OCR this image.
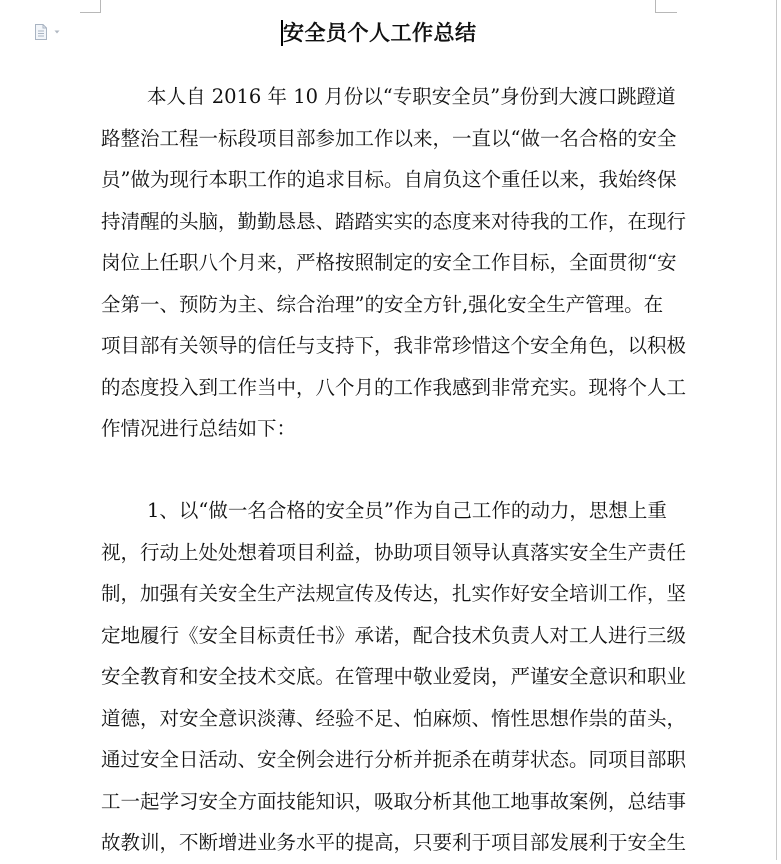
安全员个人工作总结
本人自 2016 年 10 月份以“专职安全员”身份到大渡口跳蹬道
路整治工程一标段项目部参加工作以来，一直以“做一名合格的安全
员”做为现行本职工作的追求目标。自肩负这个重任以来，我始终保
持清醒的头脑，勤勤恳恳、踏踏实实的态度来对待我的工作，在现行
岗位上任职八个月来，严格按照制定的安全工作目标，全面贯彻“安
全第一、预防为主、综合治理”的安全方针,强化安全生产管理。在
项目部有关领导的信任与支持下，我非常珍惜这个安全角色，以积极
的态度投入到工作当中，八个月的工作我感到非常充实。现将个人工
作情况进行总结如下：
1、以“做一名合格的安全员”作为自己工作的动力，思想上重
视，行动上处处想着项目利益，协助项目领导认真落实安全生产责任
制，加强有关安全生产法规宣传及传达，扎实作好安全培训工作，坚
定地履行《安全目标责任书》承诺，配合技术负责人对工人进行三级
安全教育和安全技术交底。在管理中敬业爱岗，严谨安全意识和职业
道德，对安全意识淡薄、经验不足、怕麻烦、惰性思想作祟的苗头，
通过安全日活动、安全例会进行分析并扼杀在萌芽状态。同项目部职
工一起学习安全方面技能知识，吸取分析其他工地事故案例，总结事
故教训，不断增进业务水平的提高，只要利于项目部发展利于安全生
